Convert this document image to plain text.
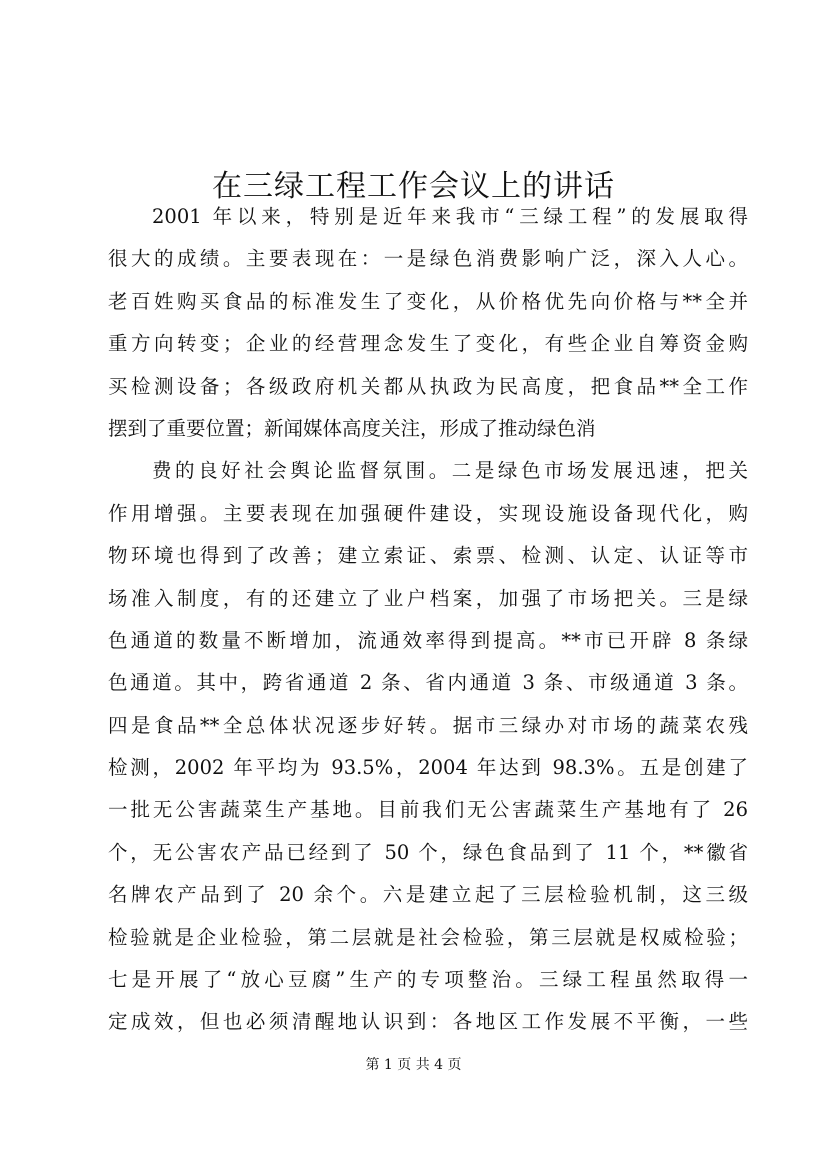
在三绿工程工作会议上的讲话
2001 年以来，特别是近年来我市“三绿工程”的发展取得
很大的成绩。主要表现在：一是绿色消费影响广泛，深入人心。
老百姓购买食品的标准发生了变化，从价格优先向价格与**全并
重方向转变；企业的经营理念发生了变化，有些企业自筹资金购
买检测设备；各级政府机关都从执政为民高度，把食品**全工作
摆到了重要位置；新闻媒体高度关注，形成了推动绿色消
费的良好社会舆论监督氛围。二是绿色市场发展迅速，把关
作用增强。主要表现在加强硬件建设，实现设施设备现代化，购
物环境也得到了改善；建立索证、索票、检测、认定、认证等市
场准入制度，有的还建立了业户档案，加强了市场把关。三是绿
色通道的数量不断增加，流通效率得到提高。**市已开辟 8 条绿
色通道。其中，跨省通道 2 条、省内通道 3 条、市级通道 3 条。
四是食品**全总体状况逐步好转。据市三绿办对市场的蔬菜农残
检测，2002 年平均为 93.5%，2004 年达到 98.3%。五是创建了
一批无公害蔬菜生产基地。目前我们无公害蔬菜生产基地有了 26
个，无公害农产品已经到了 50 个，绿色食品到了 11 个，**徽省
名牌农产品到了 20 余个。六是建立起了三层检验机制，这三级
检验就是企业检验，第二层就是社会检验，第三层就是权威检验；
七是开展了“放心豆腐”生产的专项整治。三绿工程虽然取得一
定成效，但也必须清醒地认识到：各地区工作发展不平衡，一些
第 1 页 共 4 页
